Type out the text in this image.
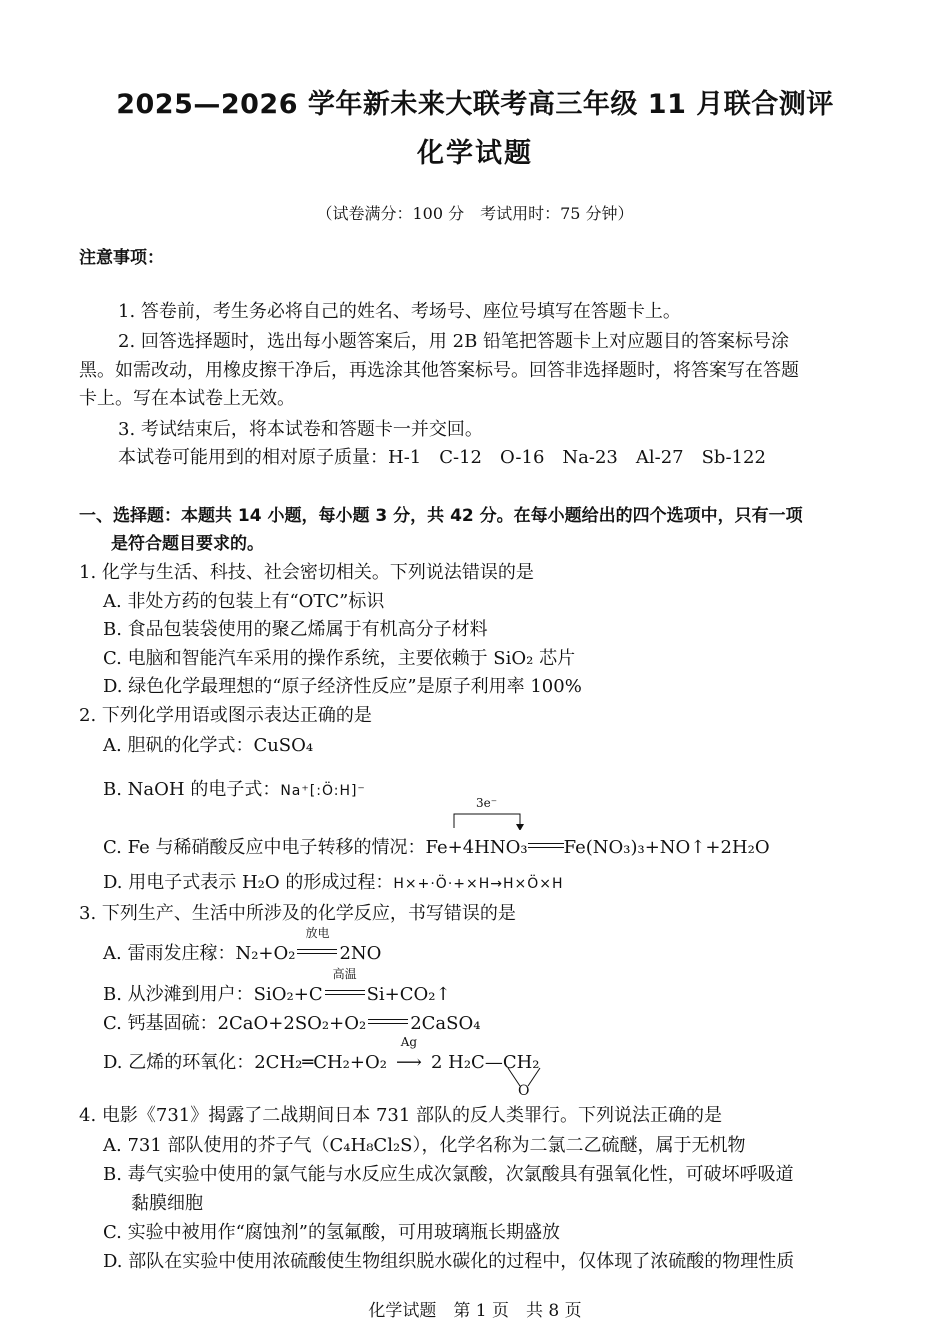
2025—2026 学年新未来大联考高三年级 11 月联合测评
化学试题
（试卷满分：100 分　考试用时：75 分钟）
注意事项：
1. 答卷前，考生务必将自己的姓名、考场号、座位号填写在答题卡上。
2. 回答选择题时，选出每小题答案后，用 2B 铅笔把答题卡上对应题目的答案标号涂
黑。如需改动，用橡皮擦干净后，再选涂其他答案标号。回答非选择题时，将答案写在答题
卡上。写在本试卷上无效。
3. 考试结束后，将本试卷和答题卡一并交回。
本试卷可能用到的相对原子质量：H-1　C-12　O-16　Na-23　Al-27　Sb-122
一、选择题：本题共 14 小题，每小题 3 分，共 42 分。在每小题给出的四个选项中，只有一项
是符合题目要求的。
1. 化学与生活、科技、社会密切相关。下列说法错误的是
A. 非处方药的包装上有“OTC”标识
B. 食品包装袋使用的聚乙烯属于有机高分子材料
C. 电脑和智能汽车采用的操作系统，主要依赖于 SiO₂ 芯片
D. 绿色化学最理想的“原子经济性反应”是原子利用率 100%
2. 下列化学用语或图示表达正确的是
A. 胆矾的化学式：CuSO₄
B. NaOH 的电子式：Na⁺[:Ö:H]⁻
3e⁻
C. Fe 与稀硝酸反应中电子转移的情况：Fe+4HNO₃ Fe(NO₃)₃+NO↑+2H₂O
D. 用电子式表示 H₂O 的形成过程：H×+·Ö·+×H→H×Ö×H
3. 下列生产、生活中所涉及的化学反应，书写错误的是
A. 雷雨发庄稼：N₂+O₂
放电
2NO
B. 从沙滩到用户：SiO₂+C
高温
Si+CO₂↑
C. 钙基固硫：2CaO+2SO₂+O₂ 2CaSO₄
D. 乙烯的环氧化：2CH₂═CH₂+O₂
Ag
⟶ 2 H₂C—CH₂
O
4. 电影《731》揭露了二战期间日本 731 部队的反人类罪行。下列说法正确的是
A. 731 部队使用的芥子气（C₄H₈Cl₂S），化学名称为二氯二乙硫醚，属于无机物
B. 毒气实验中使用的氯气能与水反应生成次氯酸，次氯酸具有强氧化性，可破坏呼吸道
黏膜细胞
C. 实验中被用作“腐蚀剂”的氢氟酸，可用玻璃瓶长期盛放
D. 部队在实验中使用浓硫酸使生物组织脱水碳化的过程中，仅体现了浓硫酸的物理性质
化学试题　第 1 页　共 8 页
